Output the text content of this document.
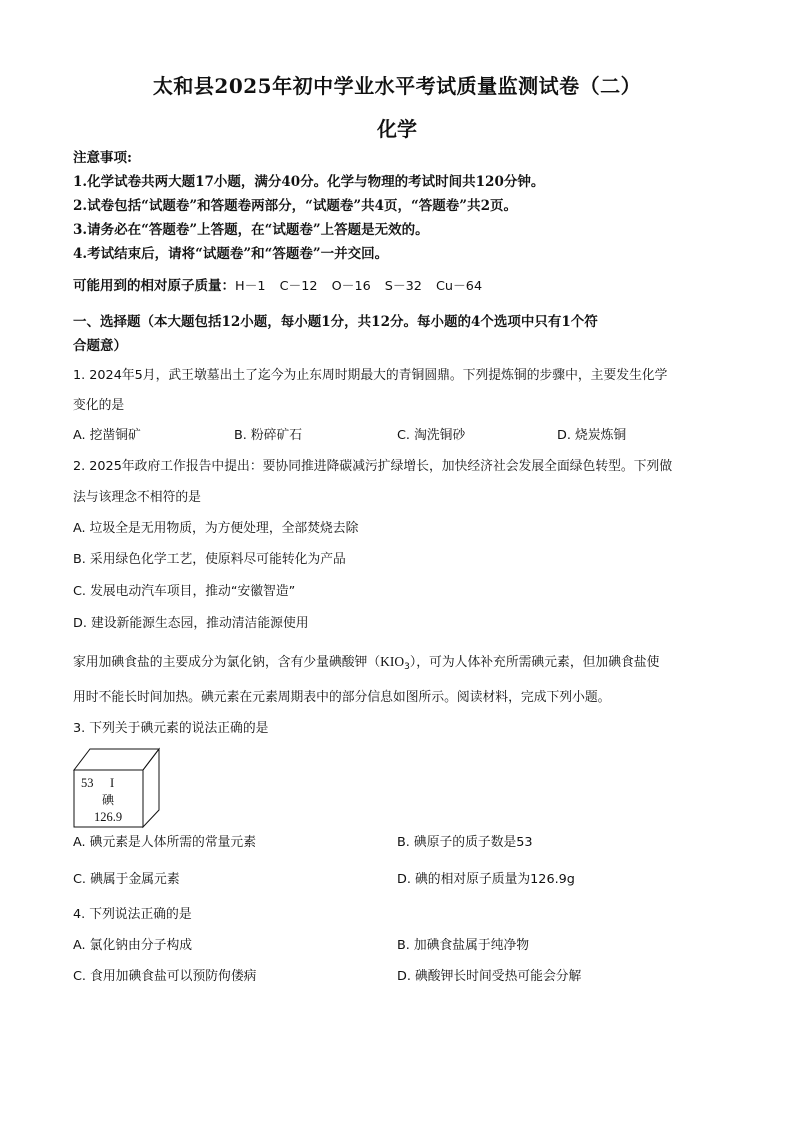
太和县2025年初中学业水平考试质量监测试卷（二）
化学
注意事项:
1.化学试卷共两大题17小题，满分40分。化学与物理的考试时间共120分钟。
2.试卷包括“试题卷”和答题卷两部分，“试题卷”共4页，“答题卷”共2页。
3.请务必在“答题卷”上答题，在“试题卷”上答题是无效的。
4.考试结束后，请将“试题卷”和“答题卷”一并交回。
可能用到的相对原子质量：H－1 C－12 O－16 S－32 Cu－64
一、选择题（本大题包括12小题，每小题1分，共12分。每小题的4个选项中只有1个符
合题意）
1. 2024年5月，武王墩墓出土了迄今为止东周时期最大的青铜圆鼎。下列提炼铜的步骤中，主要发生化学
变化的是
A. 挖凿铜矿	B. 粉碎矿石	C. 淘洗铜砂	D. 烧炭炼铜
2. 2025年政府工作报告中提出：要协同推进降碳减污扩绿增长，加快经济社会发展全面绿色转型。下列做
法与该理念不相符的是
A. 垃圾全是无用物质，为方便处理，全部焚烧去除
B. 采用绿色化学工艺，使原料尽可能转化为产品
C. 发展电动汽车项目，推动“安徽智造”
D. 建设新能源生态园，推动清洁能源使用
家用加碘食盐的主要成分为氯化钠，含有少量碘酸钾$(KIO_3)$，可为人体补充所需碘元素，但加碘食盐使
用时不能长时间加热。碘元素在元素周期表中的部分信息如图所示。阅读材料，完成下列小题。
3. 下列关于碘元素的说法正确的是
53 I
碘
126.9
A. 碘元素是人体所需的常量元素	B. 碘原子的质子数是53
C. 碘属于金属元素	D. 碘的相对原子质量为126.9g
4. 下列说法正确的是
A. 氯化钠由分子构成	B. 加碘食盐属于纯净物
C. 食用加碘食盐可以预防佝偻病	D. 碘酸钾长时间受热可能会分解
